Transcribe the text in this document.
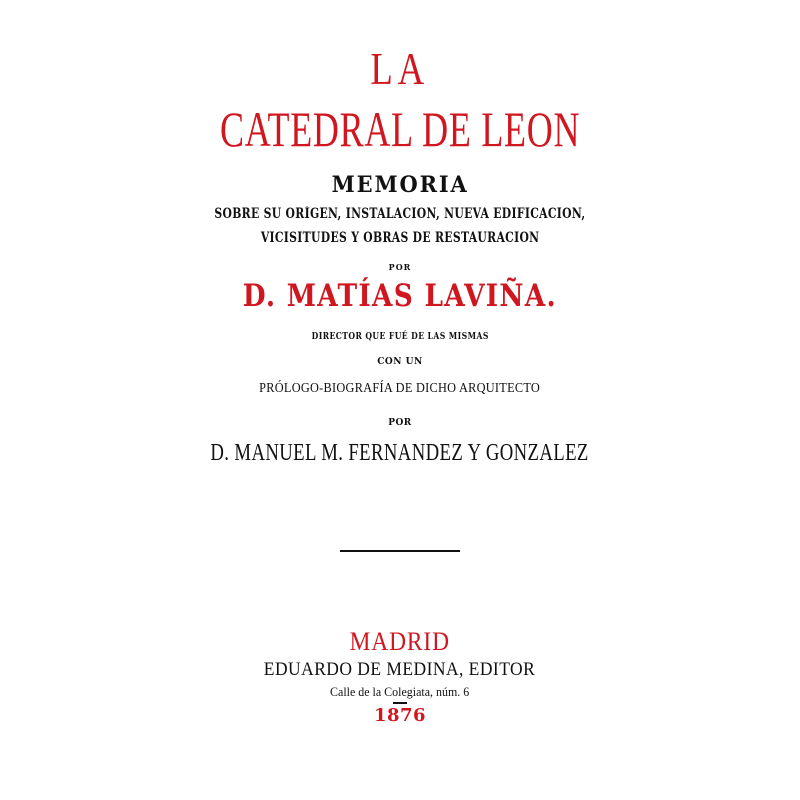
LA
CATEDRAL DE LEON
MEMORIA
SOBRE SU ORÍGEN, INSTALACION, NUEVA EDIFICACION,
VICISITUDES Y OBRAS DE RESTAURACION
POR
D. MATÍAS LAVIÑA.
DIRECTOR QUE FUÉ DE LAS MISMAS
CON UN
PRÓLOGO-BIOGRAFÍA DE DICHO ARQUITECTO
POR
D. MANUEL M. FERNANDEZ Y GONZALEZ
MADRID
EDUARDO DE MEDINA, EDITOR
Calle de la Colegiata, núm. 6
1876
